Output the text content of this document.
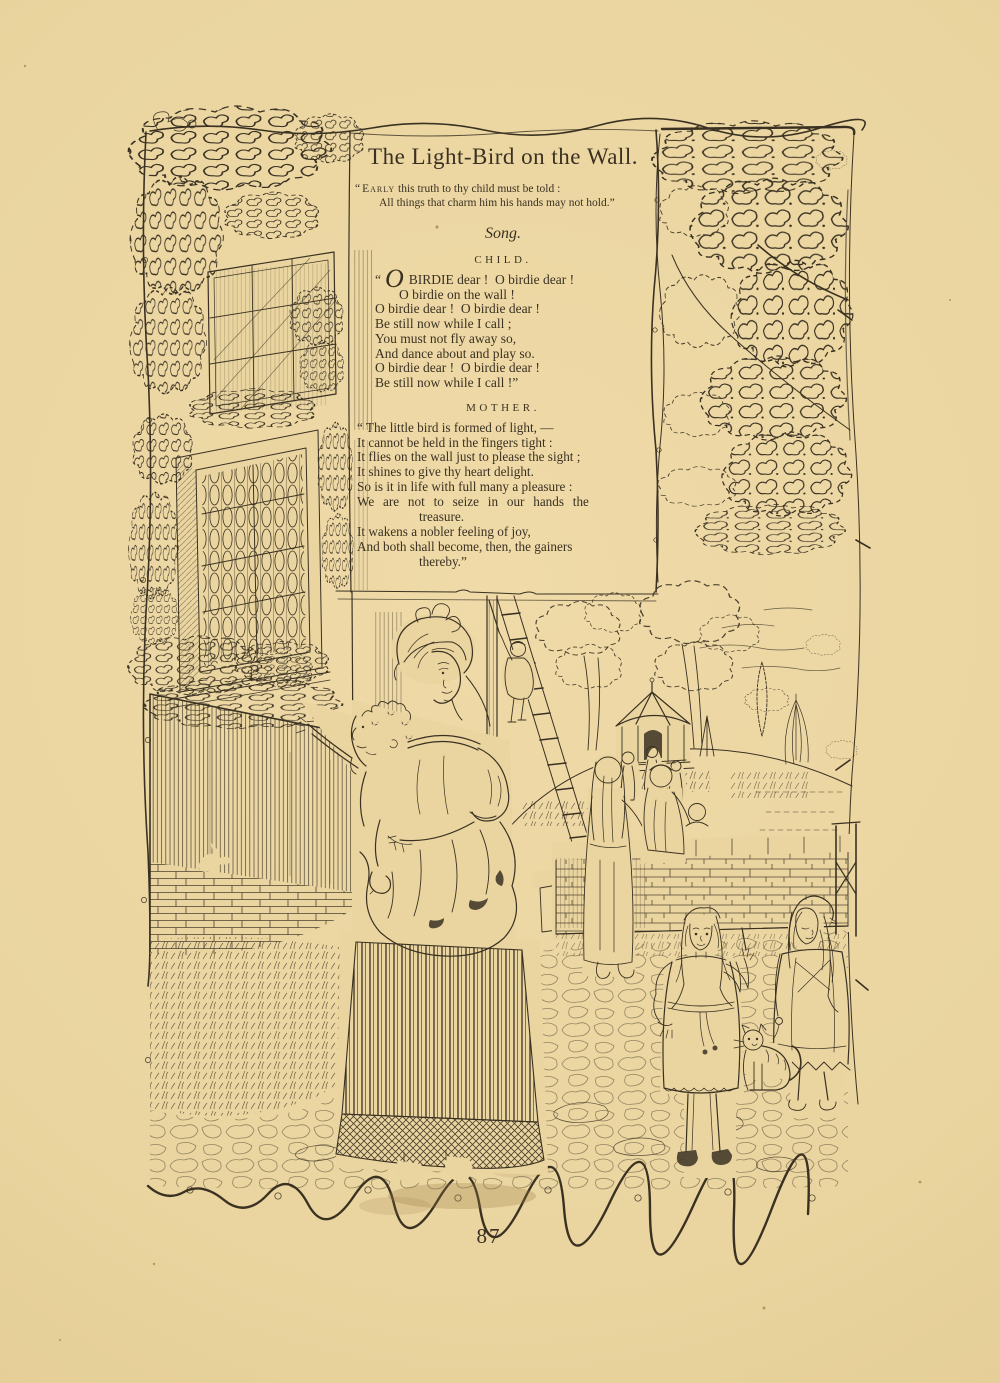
The Light-Bird on the Wall.
“ Early this truth to thy child must be told :
All things that charm him his hands may not hold.”
Song.
CHILD.
“ O BIRDIE dear !  O birdie dear !
O birdie on the wall !
O birdie dear !  O birdie dear !
Be still now while I call ;
You must not fly away so,
And dance about and play so.
O birdie dear !  O birdie dear !
Be still now while I call !”
MOTHER.
“ The little bird is formed of light, —
It cannot be held in the fingers tight :
It flies on the wall just to please the sight ;
It shines to give thy heart delight.
So is it in life with full many a pleasure :
We are not to seize in our hands the
treasure.
It wakens a nobler feeling of joy,
And both shall become, then, the gainers
thereby.”
87
